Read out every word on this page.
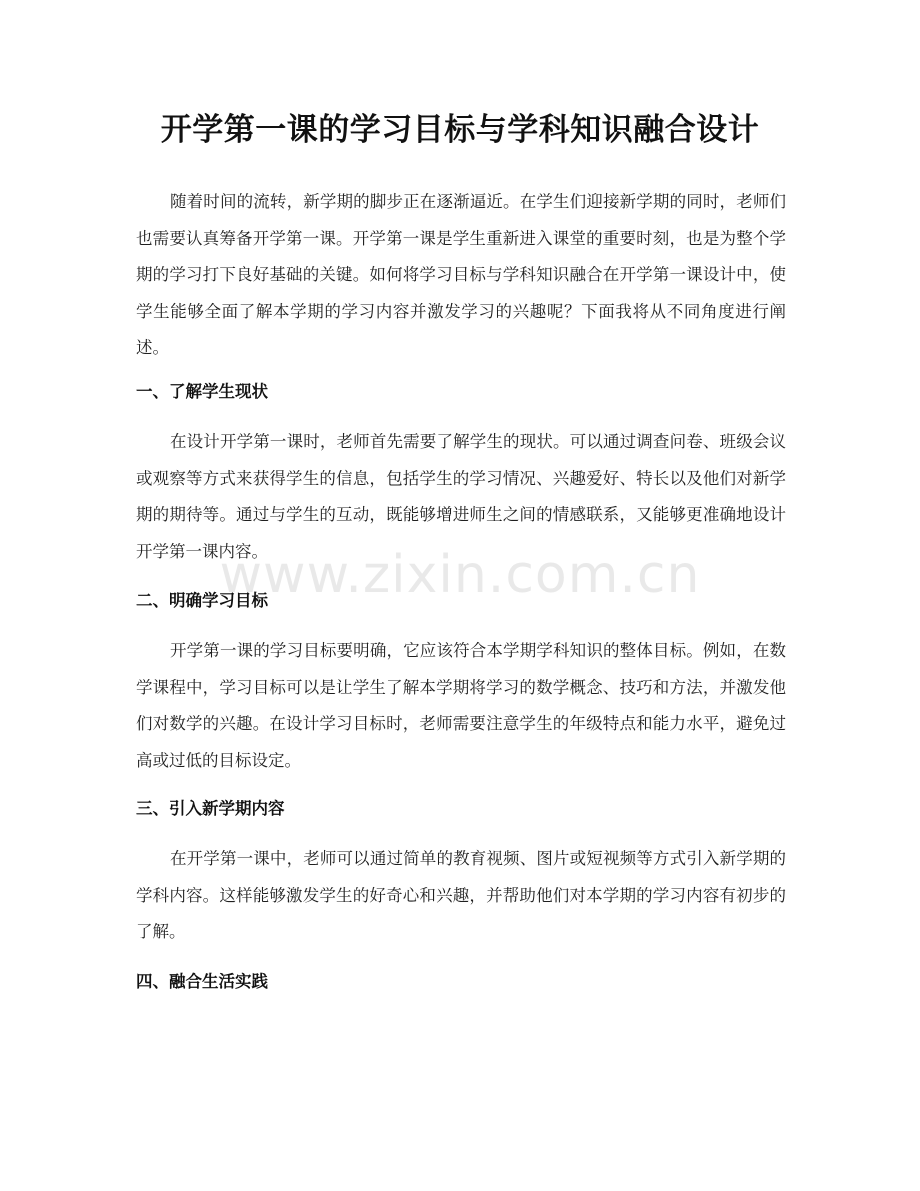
开学第一课的学习目标与学科知识融合设计

随着时间的流转，新学期的脚步正在逐渐逼近。在学生们迎接新学期的同时，老师们也需要认真筹备开学第一课。开学第一课是学生重新进入课堂的重要时刻，也是为整个学期的学习打下良好基础的关键。如何将学习目标与学科知识融合在开学第一课设计中，使学生能够全面了解本学期的学习内容并激发学习的兴趣呢？下面我将从不同角度进行阐述。

一、了解学生现状

在设计开学第一课时，老师首先需要了解学生的现状。可以通过调查问卷、班级会议或观察等方式来获得学生的信息，包括学生的学习情况、兴趣爱好、特长以及他们对新学期的期待等。通过与学生的互动，既能够增进师生之间的情感联系，又能够更准确地设计开学第一课内容。

二、明确学习目标

开学第一课的学习目标要明确，它应该符合本学期学科知识的整体目标。例如，在数学课程中，学习目标可以是让学生了解本学期将学习的数学概念、技巧和方法，并激发他们对数学的兴趣。在设计学习目标时，老师需要注意学生的年级特点和能力水平，避免过高或过低的目标设定。

三、引入新学期内容

在开学第一课中，老师可以通过简单的教育视频、图片或短视频等方式引入新学期的学科内容。这样能够激发学生的好奇心和兴趣，并帮助他们对本学期的学习内容有初步的了解。

四、融合生活实践
www.zixin.com.cn
